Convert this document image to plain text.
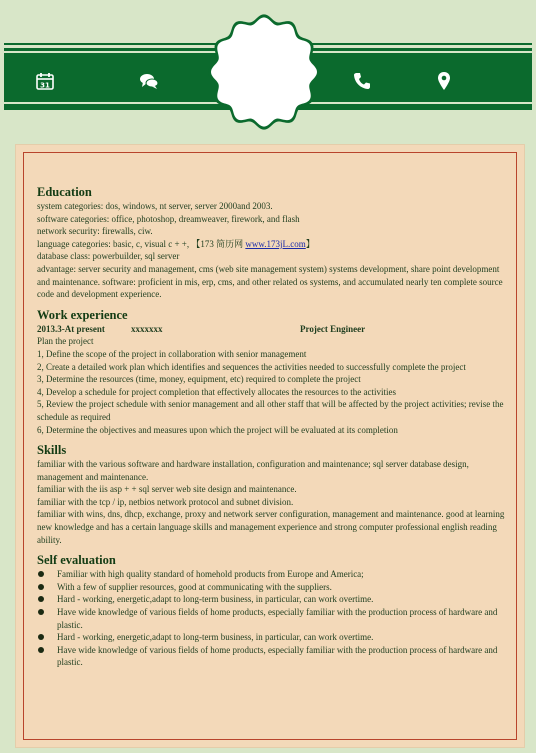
31
Education

system categories: dos, windows, nt server, server 2000and 2003.

software categories: office, photoshop, dreamweaver, firework, and flash

network security: firewalls, ciw.

language categories: basic, c, visual c + +, 【173 简历网 www.173jL.com】

database class: powerbuilder, sql server

advantage: server security and management, cms (web site management system) systems development, share point development and maintenance. software: proficient in mis, erp, cms, and other related os systems, and accumulated nearly ten complete source code and development experience.

Work experience
2013.3-At present	xxxxxxx	Project Engineer

Plan the project

1, Define the scope of the project in collaboration with senior management

2, Create a detailed work plan which identifies and sequences the activities needed to successfully complete the project

3, Determine the resources (time, money, equipment, etc) required to complete the project

4, Develop a schedule for project completion that effectively allocates the resources to the activities

5, Review the project schedule with senior management and all other staff that will be affected by the project activities; revise the schedule as required

6, Determine the objectives and measures upon which the project will be evaluated at its completion

Skills

familiar with the various software and hardware installation, configuration and maintenance; sql server database design, management and maintenance.

familiar with the iis asp + + sql server web site design and maintenance.

familiar with the tcp / ip, netbios network protocol and subnet division.

familiar with wins, dns, dhcp, exchange, proxy and network server configuration, management and maintenance. good at learning new knowledge and has a certain language skills and management experience and strong computer professional english reading ability.

Self evaluation
Familiar with high quality standard of homehold products from Europe and America;
With a few of supplier resources, good at communicating with the suppliers.
Hard - working, energetic,adapt to long-term business, in particular, can work overtime.
Have wide knowledge of various fields of home products, especially familiar with the production process of hardware and plastic.
Hard - working, energetic,adapt to long-term business, in particular, can work overtime.
Have wide knowledge of various fields of home products, especially familiar with the production process of hardware and plastic.
